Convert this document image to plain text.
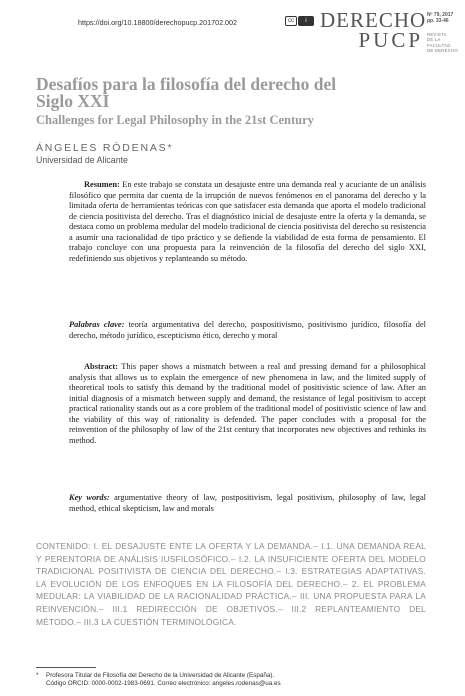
https://doi.org/10.18800/derechopucp.201702.002	cc	i DERECHO
PUCP
Nº 79, 2017
pp. 33-46
REVISTA
DE LA FACULTAD
DE DERECHO
Desafíos para la filosofía del derecho del Siglo XXI
Challenges for Legal Philosophy in the 21st Century
ÁNGELES RÓDENAS*
Universidad de Alicante

Resumen: En este trabajo se constata un desajuste entre una demanda real y acuciante de un análisis filosófico que permita dar cuenta de la irrupción de nuevos fenómenos en el panorama del derecho y la limitada oferta de herramientas teóricas con que satisfacer esta demanda que aporta el modelo tradicional de ciencia positivista del derecho. Tras el diagnóstico inicial de desajuste entre la oferta y la demanda, se destaca como un problema medular del modelo tradicional de ciencia positivista del derecho su resistencia a asumir una racionalidad de tipo práctico y se defiende la viabilidad de esta forma de pensamiento. El trabajo concluye con una propuesta para la reinvención de la filosofía del derecho del siglo XXI, redefiniendo sus objetivos y replanteando su método.

Palabras clave: teoría argumentativa del derecho, pospositivismo, positivismo jurídico, filosofía del derecho, método jurídico, escepticismo ético, derecho y moral

Abstract: This paper shows a mismatch between a real and pressing demand for a philosophical analysis that allows us to explain the emergence of new phenomena in law, and the limited supply of theoretical tools to satisfy this demand by the traditional model of positivistic science of law. After an initial diagnosis of a mismatch between supply and demand, the resistance of legal positivism to accept practical rationality stands out as a core problem of the traditional model of positivistic science of law and the viability of this way of rationality is defended. The paper concludes with a proposal for the reinvention of the philosophy of law of the 21st century that incorporates new objectives and rethinks its method.

Key words: argumentative theory of law, postpositivism, legal positivism, philosophy of law, legal method, ethical skepticism, law and morals

CONTENIDO: I. EL DESAJUSTE ENTE LA OFERTA Y LA DEMANDA.– I.1. UNA DEMANDA REAL Y PERENTORIA DE ANÁLISIS IUSFILOSÓFICO.– I.2. LA INSUFICIENTE OFERTA DEL MODELO TRADICIONAL POSITIVISTA DE CIENCIA DEL DERECHO.– I.3. ESTRATEGIAS ADAPTATIVAS. LA EVOLUCIÓN DE LOS ENFOQUES EN LA FILOSOFÍA DEL DERECHO.– 2. EL PROBLEMA MEDULAR: LA VIABILIDAD DE LA RACIONALIDAD PRÁCTICA.– III. UNA PROPUESTA PARA LA REINVENCIÓN.– III.1 REDIRECCIÓN DE OBJETIVOS.– III.2 REPLANTEAMIENTO DEL MÉTODO.– III.3 LA CUESTIÓN TERMINOLÓGICA.

* Profesora Titular de Filosofía del Derecho de la Universidad de Alicante (España).
Código ORCID: 0000-0002-1983-0691. Correo electrónico: angeles.rodenas@ua.es
